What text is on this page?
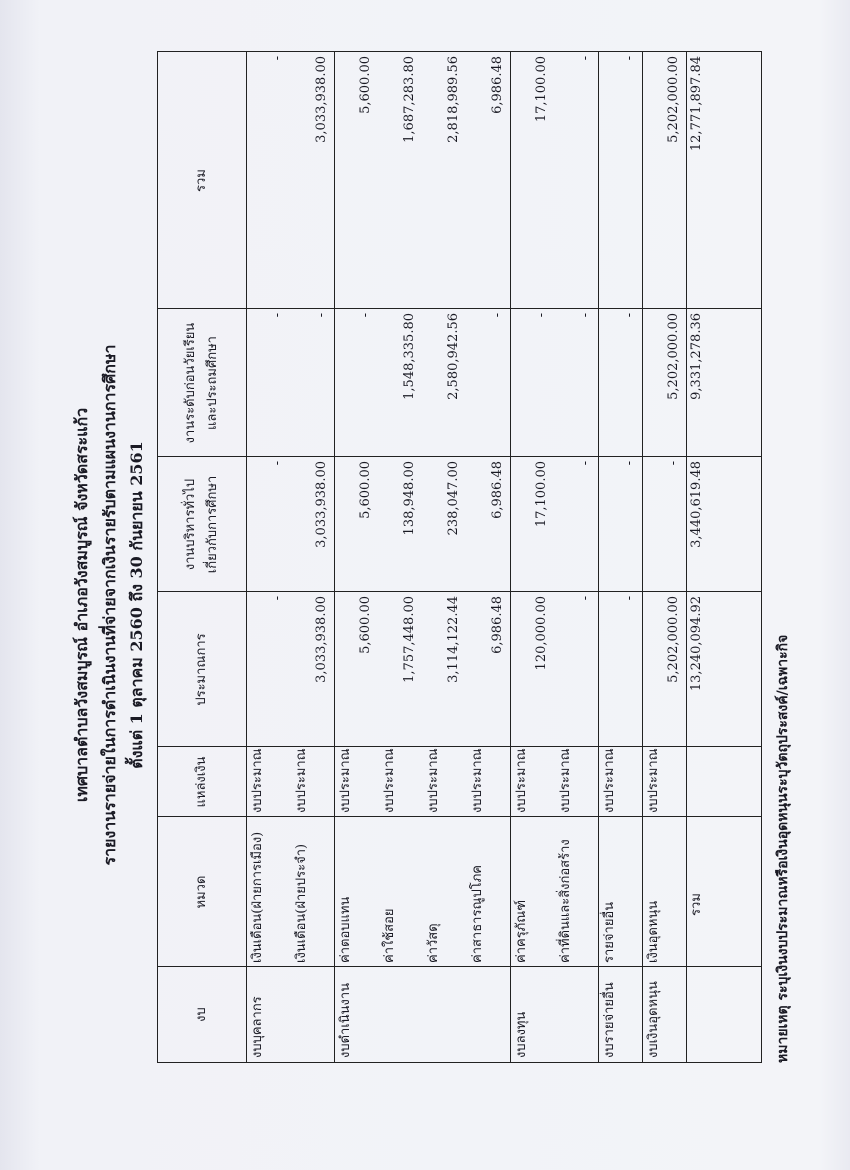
เทศบาลตำบลวังสมบูรณ์ อำเภอวังสมบูรณ์ จังหวัดสระแก้ว รายงานรายจ่ายในการดำเนินงานที่จ่ายจากเงินรายรับตามแผนงานการศึกษา ตั้งแต่ 1 ตุลาคม 2560 ถึง 30 กันยายน 2561
งบ
หมวด
แหล่งเงิน
ประมาณการ
งานบริหารทั่วไป เกี่ยวกับการศึกษา
งานระดับก่อนวัยเรียน และประถมศึกษา
รวม
งบบุคลากร
เงินเดือน(ฝ่ายการเมือง)
งบประมาณ
-
-
-
-
เงินเดือน(ฝ่ายประจำ)
งบประมาณ
3,033,938.00
3,033,938.00
-
3,033,938.00
งบดำเนินงาน
ค่าตอบแทน
งบประมาณ
5,600.00
5,600.00
-
5,600.00
ค่าใช้สอย
งบประมาณ
1,757,448.00
138,948.00
1,548,335.80
1,687,283.80
ค่าวัสดุ
งบประมาณ
3,114,122.44
238,047.00
2,580,942.56
2,818,989.56
ค่าสาธารณูปโภค
งบประมาณ
6,986.48
6,986.48
-
6,986.48
งบลงทุน
ค่าครุภัณฑ์
งบประมาณ
120,000.00
17,100.00
-
17,100.00
ค่าที่ดินและสิ่งก่อสร้าง
งบประมาณ
-
-
-
-
งบรายจ่ายอื่น
รายจ่ายอื่น
งบประมาณ
-
-
-
-
งบเงินอุดหนุน
เงินอุดหนุน
งบประมาณ
5,202,000.00
-
5,202,000.00
5,202,000.00
รวม
13,240,094.92
3,440,619.48
9,331,278.36
12,771,897.84
หมายเหตุ ระบุเงินงบประมาณหรือเงินอุดหนุนระบุวัตถุประสงค์/เฉพาะกิจ
